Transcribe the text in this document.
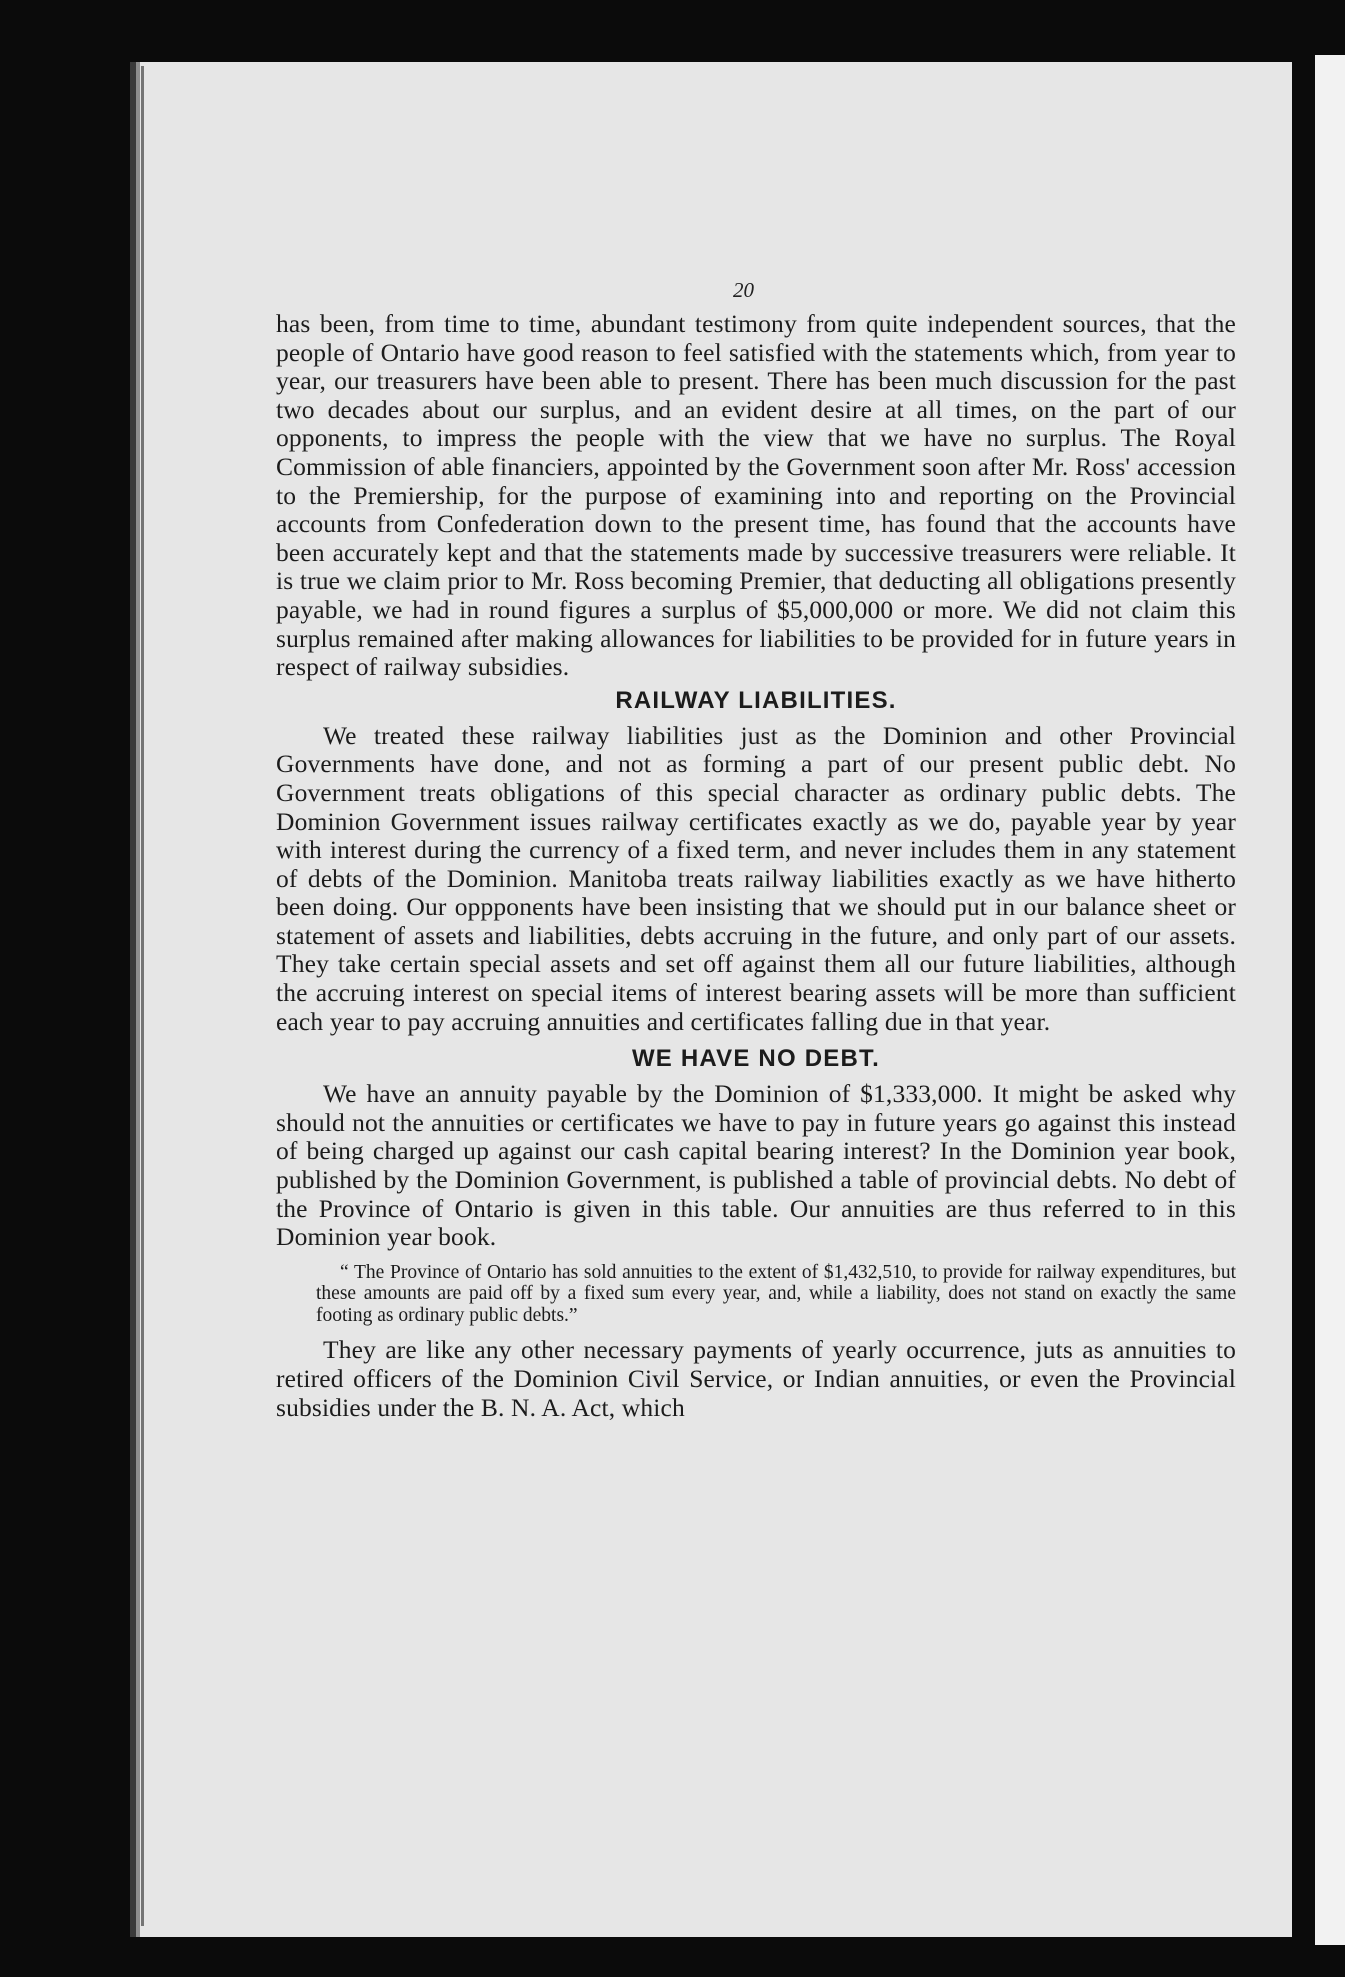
20

has been, from time to time, abundant testimony from quite independent sources, that the people of Ontario have good reason to feel satisfied with the statements which, from year to year, our treasurers have been able to present. There has been much discussion for the past two decades about our surplus, and an evident desire at all times, on the part of our opponents, to impress the people with the view that we have no surplus. The Royal Commission of able financiers, appointed by the Government soon after Mr. Ross' accession to the Premiership, for the purpose of examining into and reporting on the Provincial accounts from Confederation down to the present time, has found that the accounts have been accurately kept and that the statements made by successive treasurers were reliable. It is true we claim prior to Mr. Ross becoming Premier, that deducting all obligations presently payable, we had in round figures a surplus of $5,000,000 or more. We did not claim this surplus remained after making allowances for liabilities to be provided for in future years in respect of railway subsidies.

RAILWAY LIABILITIES.

We treated these railway liabilities just as the Dominion and other Provincial Governments have done, and not as forming a part of our present public debt. No Government treats obligations of this special character as ordinary public debts. The Dominion Government issues railway certificates exactly as we do, payable year by year with interest during the currency of a fixed term, and never includes them in any statement of debts of the Dominion. Manitoba treats railway liabilities exactly as we have hitherto been doing. Our oppponents have been insisting that we should put in our balance sheet or statement of assets and liabilities, debts accruing in the future, and only part of our assets. They take certain special assets and set off against them all our future liabilities, although the accruing interest on special items of interest bearing assets will be more than sufficient each year to pay accruing annuities and certificates falling due in that year.

WE HAVE NO DEBT.

We have an annuity payable by the Dominion of $1,333,000. It might be asked why should not the annuities or certificates we have to pay in future years go against this instead of being charged up against our cash capital bearing interest? In the Dominion year book, published by the Dominion Government, is published a table of provincial debts. No debt of the Province of Ontario is given in this table. Our annuities are thus referred to in this Dominion year book.

“ The Province of Ontario has sold annuities to the extent of $1,432,510, to provide for railway expenditures, but these amounts are paid off by a fixed sum every year, and, while a liability, does not stand on exactly the same footing as ordinary public debts.”

They are like any other necessary payments of yearly occurrence, juts as annuities to retired officers of the Dominion Civil Service, or Indian annuities, or even the Provincial subsidies under the B. N. A. Act, which
